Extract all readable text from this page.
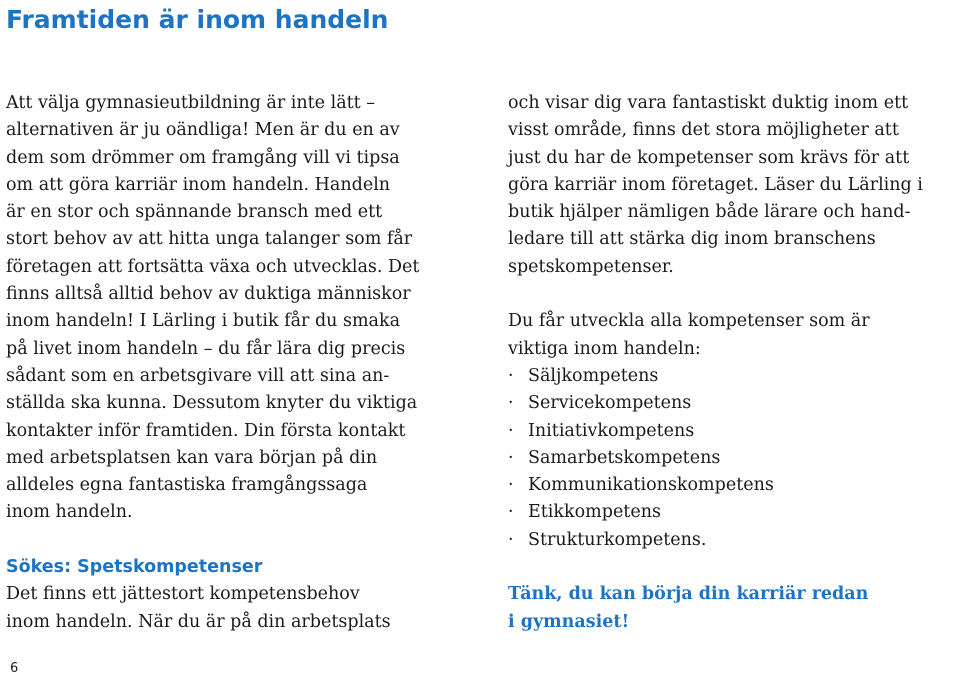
Framtiden är inom handeln
Att välja gymnasieutbildning är inte lätt –
alternativen är ju oändliga! Men är du en av
dem som drömmer om framgång vill vi tipsa
om att göra karriär inom handeln. Handeln
är en stor och spännande bransch med ett
stort behov av att hitta unga talanger som får
företagen att fortsätta växa och utvecklas. Det
finns alltså alltid behov av duktiga människor
inom handeln! I Lärling i butik får du smaka
på livet inom handeln – du får lära dig precis
sådant som en arbetsgivare vill att sina an-
ställda ska kunna. Dessutom knyter du viktiga
kontakter inför framtiden. Din första kontakt
med arbetsplatsen kan vara början på din
alldeles egna fantastiska framgångssaga
inom handeln.
Sökes: Spetskompetenser
Det finns ett jättestort kompetensbehov
inom handeln. När du är på din arbetsplats
och visar dig vara fantastiskt duktig inom ett
visst område, finns det stora möjligheter att
just du har de kompetenser som krävs för att
göra karriär inom företaget. Läser du Lärling i
butik hjälper nämligen både lärare och hand-
ledare till att stärka dig inom branschens
spetskompetenser.
Du får utveckla alla kompetenser som är
viktiga inom handeln:
· Säljkompetens
· Servicekompetens
· Initiativkompetens
· Samarbetskompetens
· Kommunikationskompetens
· Etikkompetens
· Strukturkompetens.
Tänk, du kan börja din karriär redan
i gymnasiet!
6
